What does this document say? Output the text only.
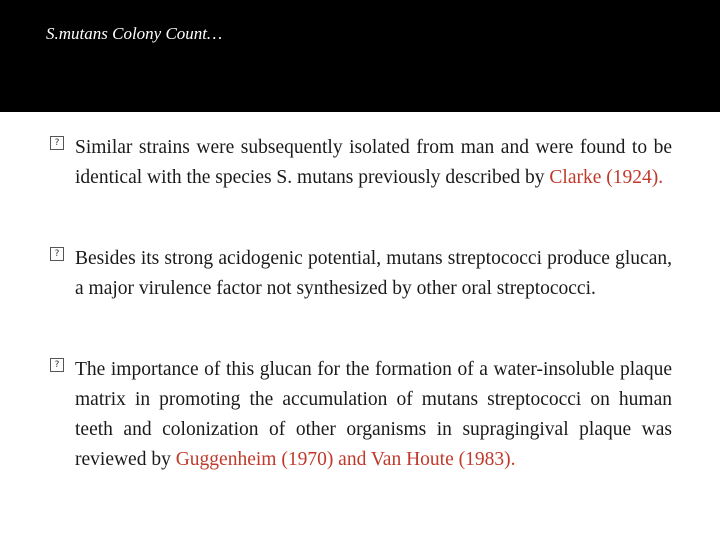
S.mutans Colony Count…
? Similar strains were subsequently isolated from man and were found to be identical with the species S. mutans previously described by Clarke (1924).
? Besides its strong acidogenic potential, mutans streptococci produce glucan, a major virulence factor not synthesized by other oral streptococci.
? The importance of this glucan for the formation of a water-insoluble plaque matrix in promoting the accumulation of mutans streptococci on human teeth and colonization of other organisms in supragingival plaque was reviewed by Guggenheim (1970) and Van Houte (1983).
